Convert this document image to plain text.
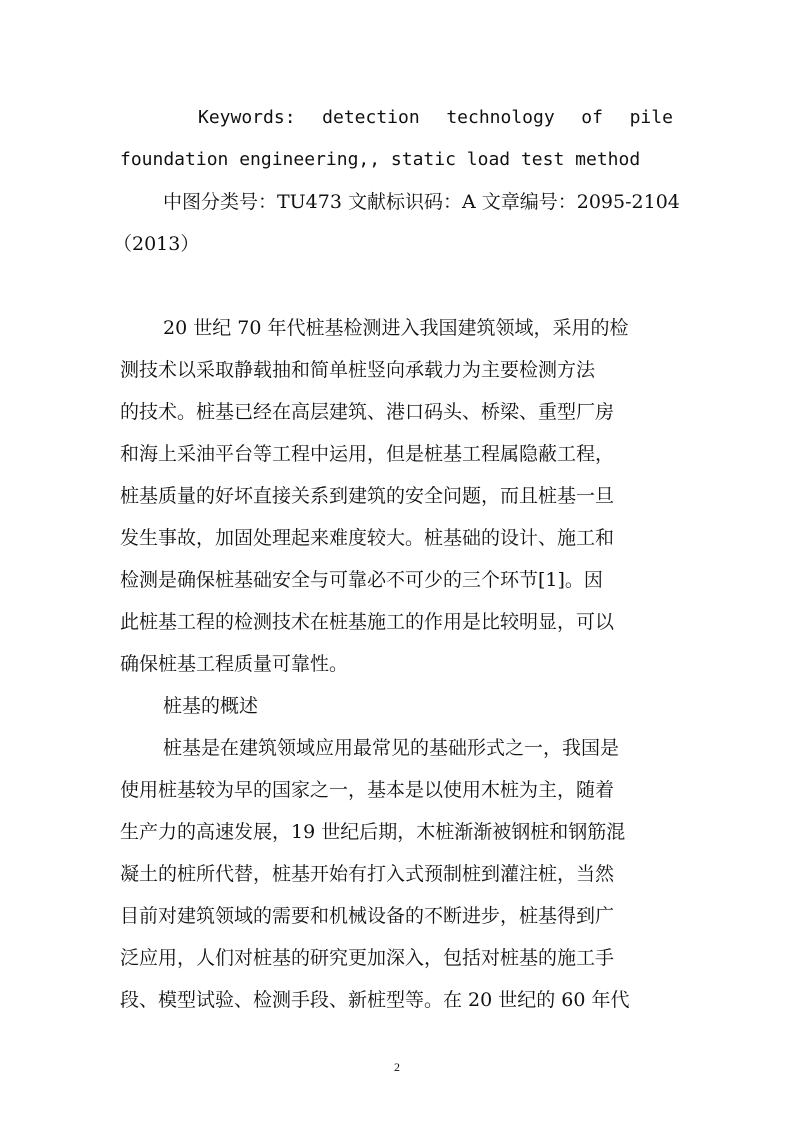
Keywords: detection technology of pile
foundation engineering,, static load test method
中图分类号：TU473 文献标识码：A 文章编号：2095-2104
（2013）
20 世纪 70 年代桩基检测进入我国建筑领域，采用的检
测技术以采取静载抽和简单桩竖向承载力为主要检测方法
的技术。桩基已经在高层建筑、港口码头、桥梁、重型厂房
和海上采油平台等工程中运用，但是桩基工程属隐蔽工程，
桩基质量的好坏直接关系到建筑的安全问题，而且桩基一旦
发生事故，加固处理起来难度较大。桩基础的设计、施工和
检测是确保桩基础安全与可靠必不可少的三个环节[1]。因
此桩基工程的检测技术在桩基施工的作用是比较明显，可以
确保桩基工程质量可靠性。
桩基的概述
桩基是在建筑领域应用最常见的基础形式之一，我国是
使用桩基较为早的国家之一，基本是以使用木桩为主，随着
生产力的高速发展，19 世纪后期，木桩渐渐被钢桩和钢筋混
凝土的桩所代替，桩基开始有打入式预制桩到灌注桩，当然
目前对建筑领域的需要和机械设备的不断进步，桩基得到广
泛应用，人们对桩基的研究更加深入，包括对桩基的施工手
段、模型试验、检测手段、新桩型等。在 20 世纪的 60 年代
2
